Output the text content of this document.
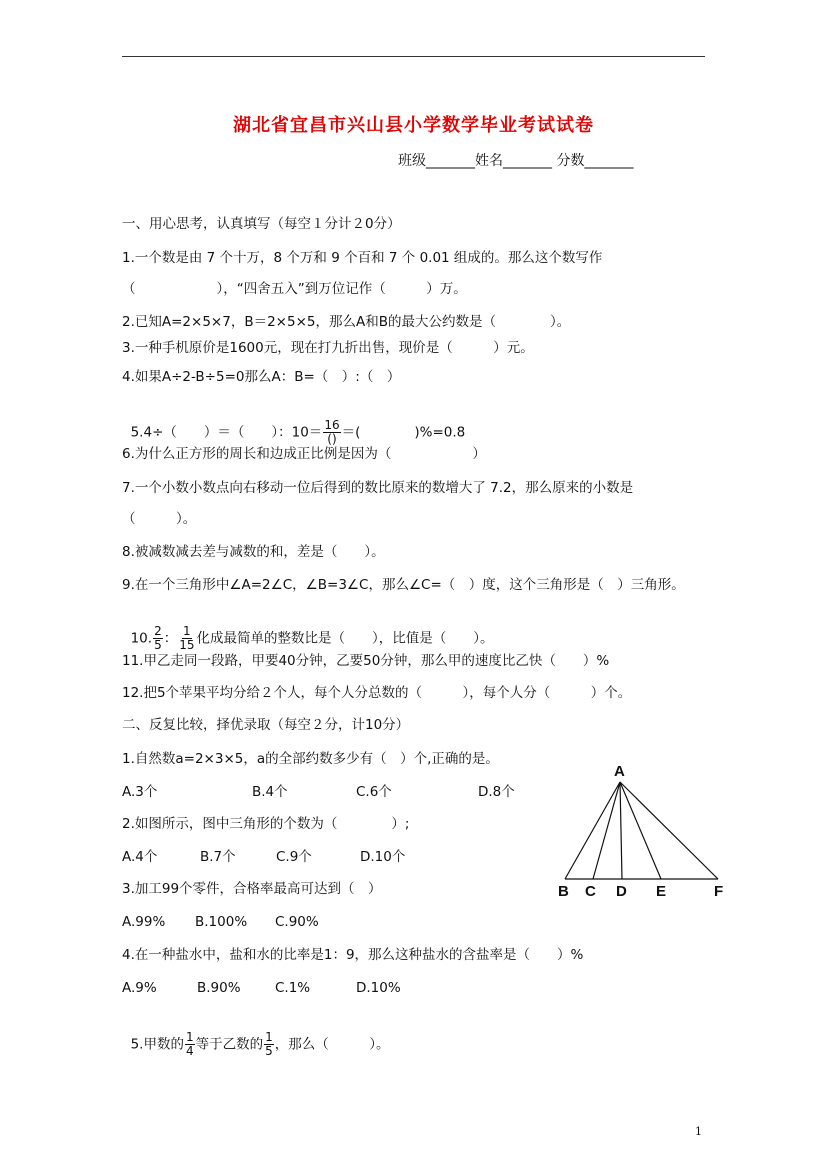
湖北省宜昌市兴山县小学数学毕业考试试卷
班级_______姓名_______ 分数_______
一、用心思考，认真填写（每空１分计２0分）
1.一个数是由 7 个十万，8 个万和 9 个百和 7 个 0.01 组成的。那么这个数写作
（　　　　　　），“四舍五入”到万位记作（　　　）万。
2.已知A=2×5×7，B＝2×5×5，那么A和B的最大公约数是（　　　　）。
3.一种手机原价是1600元，现在打九折出售，现价是（　　　）元。
4.如果A÷2-B÷5=0那么A：B=（　）:（　）

5.4÷（　　）＝（　　）：10＝ 16
() ＝(　　　　)%=0.8

6.为什么正方形的周长和边成正比例是因为（　　　　　　）
7.一个小数小数点向右移动一位后得到的数比原来的数增大了 7.2，那么原来的小数是
（　　　）。
8.被减数减去差与减数的和，差是（　　）。
9.在一个三角形中∠A=2∠C，∠B=3∠C，那么∠C=（　）度，这个三角形是（　）三角形。

10. $\frac{2}{5}$ ： $\frac{1}{15}$ 化成最简单的整数比是（　　），比值是（　　）。

11.甲乙走同一段路，甲要40分钟，乙要50分钟，那么甲的速度比乙快（　　）%
12.把5个苹果平均分给２个人，每个人分总数的（　　　），每个人分（　　　）个。
二、反复比较，择优录取（每空２分，计10分）
1.自然数a=2×3×5，a的全部约数多少有（　）个,正确的是。
A.3个	B.4个	C.6个	D.8个
2.如图所示，图中三角形的个数为（　　　　）;
A.4个	B.7个	C.9个	D.10个
3.加工99个零件，合格率最高可达到（　）
A.99% B.100% C.90%
4.在一种盐水中，盐和水的比率是1：9，那么这种盐水的含盐率是（　　）%
A.9%	B.90%	C.1%	D.10%

5.甲数的 $\frac{1}{4}$ 等于乙数的 $\frac{1}{5}$ ，那么（　　　）。

A
B C D E	F
1
